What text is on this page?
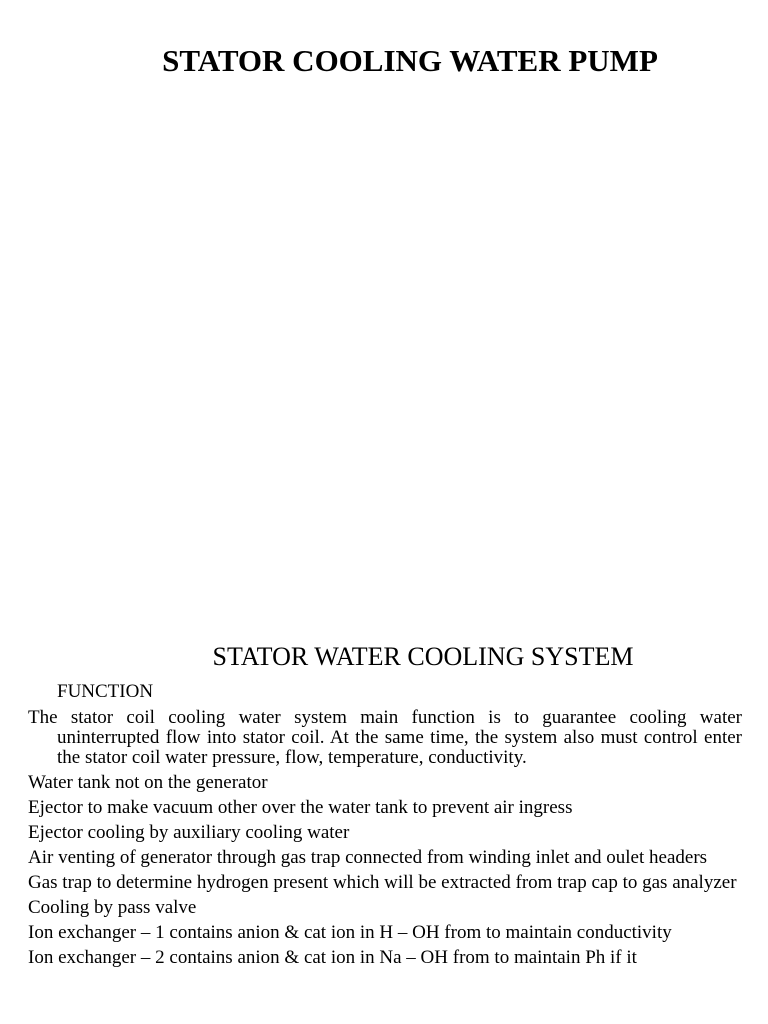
STATOR COOLING WATER PUMP
STATOR WATER COOLING SYSTEM
FUNCTION
The stator coil cooling water system main function is to guarantee cooling water uninterrupted flow into stator coil. At the same time, the system also must control enter the stator coil water pressure, flow, temperature, conductivity.
Water tank not on the generator
Ejector to make vacuum other over the water tank to prevent air ingress
Ejector cooling by auxiliary cooling water
Air venting of generator through gas trap connected from winding inlet and oulet headers
Gas trap to determine hydrogen present which will be extracted from trap cap to gas analyzer
Cooling by pass valve
Ion exchanger – 1 contains anion & cat ion in H – OH from to maintain conductivity
Ion exchanger – 2 contains anion & cat ion in Na – OH from to maintain Ph if it
